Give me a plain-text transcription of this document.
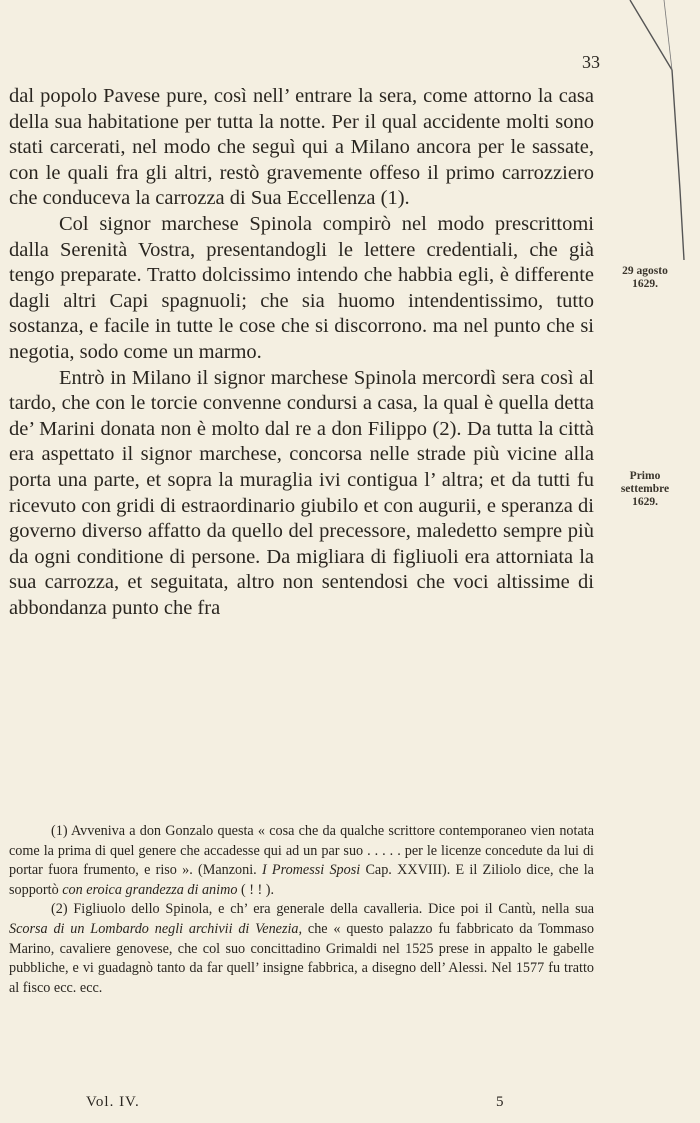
33

dal popolo Pavese pure, così nell’ entrare la sera, come attorno la casa della sua habitatione per tutta la notte. Per il qual accidente molti sono stati carcerati, nel modo che seguì qui a Milano ancora per le sassate, con le quali fra gli altri, restò gravemente offeso il primo carrozziero che conduceva la carrozza di Sua Eccellenza (1).

Col signor marchese Spinola compirò nel modo prescrittomi dalla Serenità Vostra, presentandogli le lettere credentiali, che già tengo preparate. Tratto dolcissimo intendo che habbia egli, è differente dagli altri Capi spagnuoli; che sia huomo intendentissimo, tutto sostanza, e facile in tutte le cose che si discorrono. ma nel punto che si negotia, sodo come un marmo.

Entrò in Milano il signor marchese Spinola mercordì sera così al tardo, che con le torcie convenne condursi a casa, la qual è quella detta de’ Marini donata non è molto dal re a don Filippo (2). Da tutta la città era aspettato il signor marchese, concorsa nelle strade più vicine alla porta una parte, et sopra la muraglia ivi contigua l’ altra; et da tutti fu ricevuto con gridi di estraordinario giubilo et con augurii, e speranza di governo diverso affatto da quello del precessore, maledetto sempre più da ogni conditione di persone. Da migliara di figliuoli era attorniata la sua carrozza, et seguitata, altro non sentendosi che voci altissime di abbondanza punto che fra

29 agosto
1629.
Primo
settembre
1629.

(1) Avveniva a don Gonzalo questa « cosa che da qualche scrittore contemporaneo vien notata come la prima di quel genere che accadesse qui ad un par suo . . . . . per le licenze concedute da lui di portar fuora frumento, e riso ». (Manzoni. I Promessi Sposi Cap. XXVIII). E il Ziliolo dice, che la sopportò con eroica grandezza di animo ( ! ! ).

(2) Figliuolo dello Spinola, e ch’ era generale della cavalleria. Dice poi il Cantù, nella sua Scorsa di un Lombardo negli archivii di Venezia, che « questo palazzo fu fabbricato da Tommaso Marino, cavaliere genovese, che col suo concittadino Grimaldi nel 1525 prese in appalto le gabelle pubbliche, e vi guadagnò tanto da far quell’ insigne fabbrica, a disegno dell’ Alessi. Nel 1577 fu tratto al fisco ecc. ecc.

Vol. IV.	5
